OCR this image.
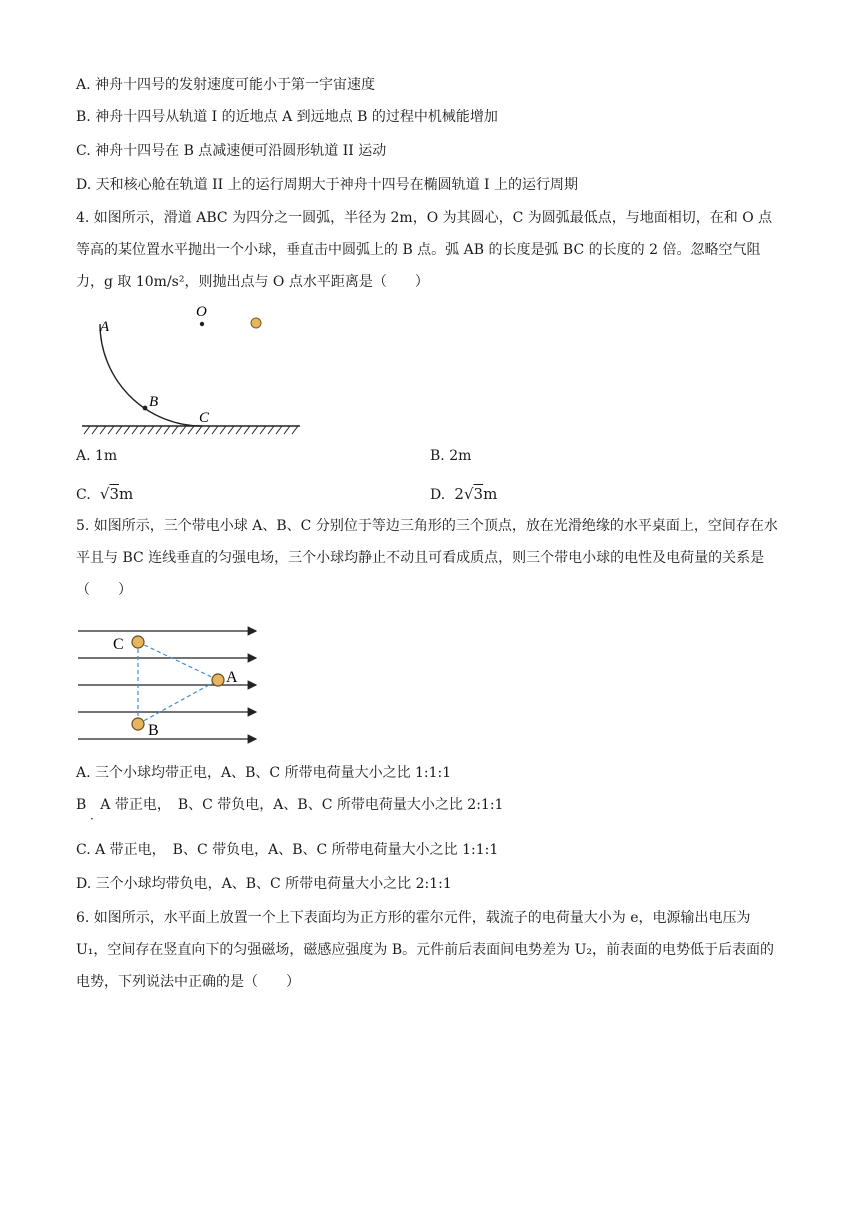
A. 神舟十四号的发射速度可能小于第一宇宙速度
B. 神舟十四号从轨道 I 的近地点 A 到远地点 B 的过程中机械能增加
C. 神舟十四号在 B 点减速便可沿圆形轨道 II 运动
D. 天和核心舱在轨道 II 上的运行周期大于神舟十四号在椭圆轨道 I 上的运行周期
4. 如图所示，滑道 ABC 为四分之一圆弧，半径为 2m，O 为其圆心，C 为圆弧最低点，与地面相切，在和 O 点等高的某位置水平抛出一个小球，垂直击中圆弧上的 B 点。弧 AB 的长度是弧 BC 的长度的 2 倍。忽略空气阻力，g 取 10m/s²，则抛出点与 O 点水平距离是（　　）
O
A
B
C
A. 1m	B. 2m
C.  √3m	D. 2√3m
5. 如图所示，三个带电小球 A、B、C 分别位于等边三角形的三个顶点，放在光滑绝缘的水平桌面上，空间存在水平且与 BC 连线垂直的匀强电场，三个小球均静止不动且可看成质点，则三个带电小球的电性及电荷量的关系是（　　）
C
A
B
A. 三个小球均带正电，A、B、C 所带电荷量大小之比 1:1:1
B　A 带正电，　B、C 带负电，A、B、C 所带电荷量大小之比 2:1:1
·
C. A 带正电，　B、C 带负电，A、B、C 所带电荷量大小之比 1:1:1
D. 三个小球均带负电，A、B、C 所带电荷量大小之比 2:1:1
6. 如图所示，水平面上放置一个上下表面均为正方形的霍尔元件，载流子的电荷量大小为 e，电源输出电压为 U₁，空间存在竖直向下的匀强磁场，磁感应强度为 B。元件前后表面间电势差为 U₂，前表面的电势低于后表面的电势，下列说法中正确的是（　　）
